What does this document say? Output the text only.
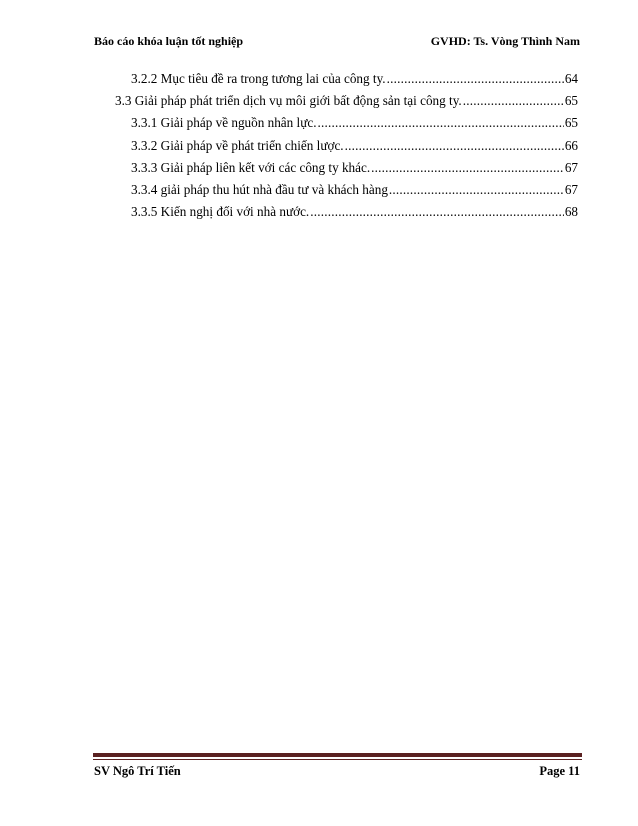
Báo cáo khóa luận tốt nghiệp	GVHD: Ts. Vòng Thình Nam
3.2.2 Mục tiêu đề ra trong tương lai của công ty. .....	64
3.3 Giải pháp phát triển dịch vụ môi giới bất động sản tại công ty. .....	65
3.3.1 Giải pháp về nguồn nhân lực. .....	65
3.3.2 Giải pháp về phát triển chiến lược. .....	66
3.3.3 Giải pháp liên kết với các công ty khác. .....	67
3.3.4 giải pháp thu hút nhà đầu tư và khách hàng .....	67
3.3.5 Kiến nghị đối với nhà nước. .....	68
SV Ngô Trí Tiến	Page 11
